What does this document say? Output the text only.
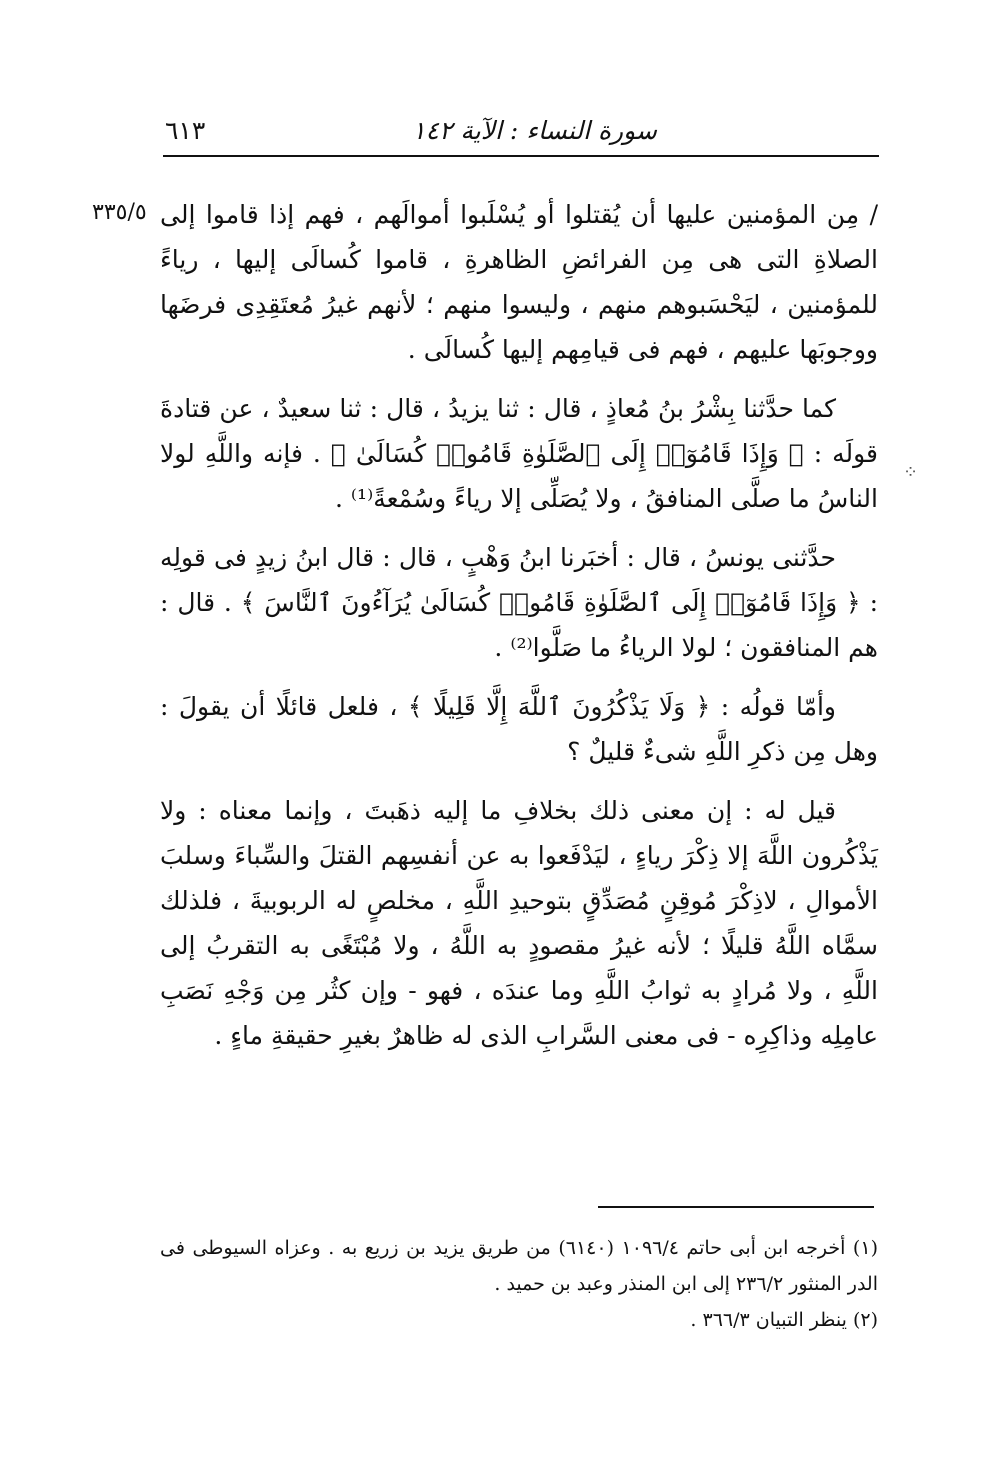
سورة النساء : الآية ١٤٢
٦١٣
٣٣٥/٥ / مِن المؤمنين عليها أن يُقتلوا أو يُسْلَبوا أموالَهم ، فهم إذا قاموا إلى الصلاةِ التى هى مِن الفرائضِ الظاهرةِ ، قاموا كُسالَى إليها ، رياءً للمؤمنين ، ليَحْسَبوهم منهم ، وليسوا منهم ؛ لأنهم غيرُ مُعتَقِدِى فرضَها ووجوبَها عليهم ، فهم فى قيامِهم إليها كُسالَى .

كما حدَّثنا بِشْرُ بنُ مُعاذٍ ، قال : ثنا يزيدُ ، قال : ثنا سعيدٌ ، عن قتادةَ قولَه : ﴿ وَإِذَا قَامُوٓا۟ إِلَى ٱلصَّلَوٰةِ قَامُوا۟ كُسَالَىٰ ﴾ . فإنه واللَّهِ لولا الناسُ ما صلَّى المنافقُ ، ولا يُصَلِّى إلا رياءً وسُمْعةً⁽¹⁾ .

حدَّثنى يونسُ ، قال : أخبَرنا ابنُ وَهْبٍ ، قال : قال ابنُ زيدٍ فى قولِه : ﴿ وَإِذَا قَامُوٓا۟ إِلَى ٱلصَّلَوٰةِ قَامُوا۟ كُسَالَىٰ يُرَآءُونَ ٱلنَّاسَ ﴾ . قال : هم المنافقون ؛ لولا الرياءُ ما صَلَّوا⁽²⁾ .

وأمّا قولُه : ﴿ وَلَا يَذْكُرُونَ ٱللَّهَ إِلَّا قَلِيلًا ﴾ ، فلعل قائلًا أن يقولَ : وهل مِن ذكرِ اللَّهِ شىءٌ قليلٌ ؟

قيل له : إن معنى ذلك بخلافِ ما إليه ذهَبتَ ، وإنما معناه : ولا يَذْكُرون اللَّهَ إلا ذِكْرَ رياءٍ ، ليَدْفَعوا به عن أنفسِهم القتلَ والسِّباءَ وسلبَ الأموالِ ، لاذِكْرَ مُوقِنٍ مُصَدِّقٍ بتوحيدِ اللَّهِ ، مخلصٍ له الربوبيةَ ، فلذلك سمَّاه اللَّهُ قليلًا ؛ لأنه غيرُ مقصودٍ به اللَّهُ ، ولا مُبْتَغًى به التقربُ إلى اللَّهِ ، ولا مُرادٍ به ثوابُ اللَّهِ وما عندَه ، فهو - وإن كثُر مِن وَجْهِ نَصَبِ عامِلِه وذاكِرِه - فى معنى السَّرابِ الذى له ظاهرٌ بغيرِ حقيقةِ ماءٍ .

⁘

(١) أخرجه ابن أبى حاتم ١٠٩٦/٤ (٦١٤٠) من طريق يزيد بن زريع به . وعزاه السيوطى فى الدر المنثور ٢٣٦/٢ إلى ابن المنذر وعبد بن حميد .

(٢) ينظر التبيان ٣٦٦/٣ .
